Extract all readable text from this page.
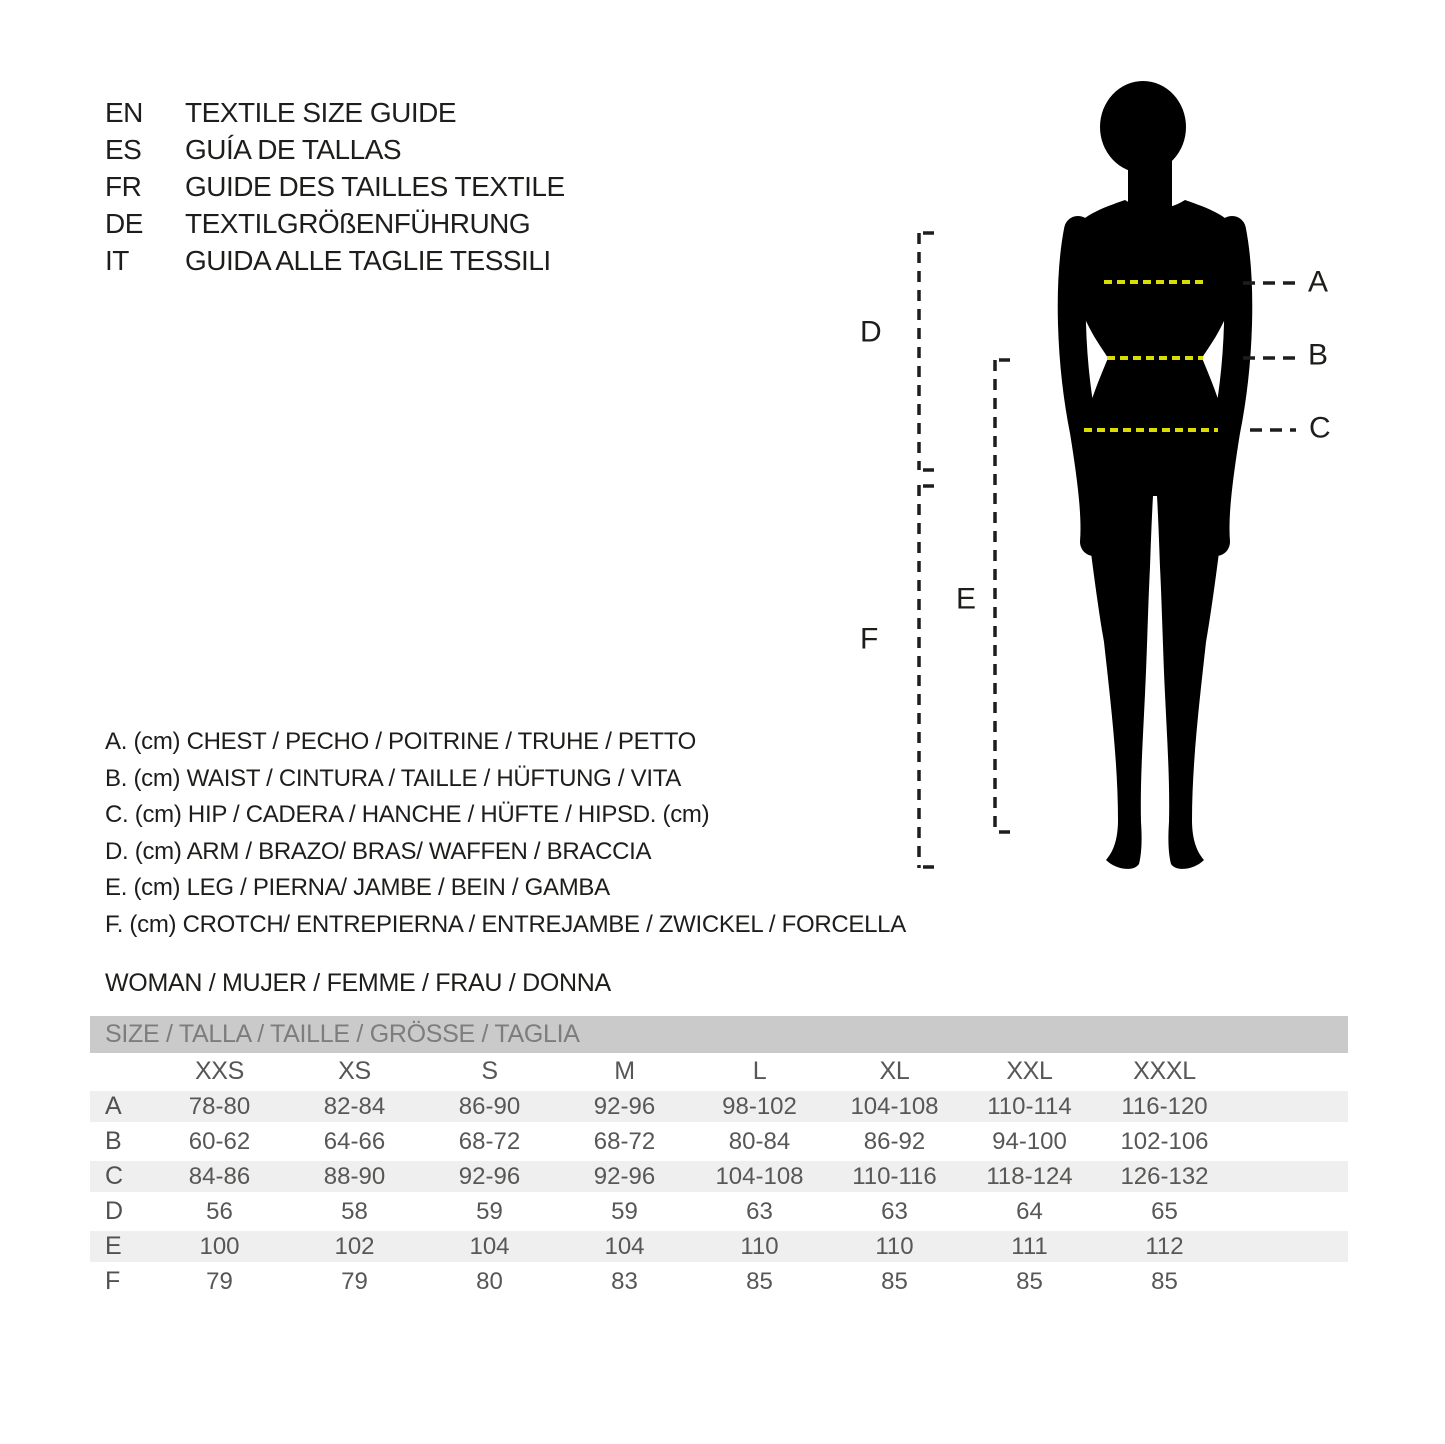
EN	TEXTILE SIZE GUIDE
ES	GUÍA DE TALLAS
FR	GUIDE DES TAILLES TEXTILE
DE	TEXTILGRÖßENFÜHRUNG
IT	GUIDA ALLE TAGLIE TESSILI
A
B
C
D
E
F
A. (cm) CHEST / PECHO / POITRINE / TRUHE / PETTO
B. (cm) WAIST / CINTURA / TAILLE / HÜFTUNG / VITA
C. (cm) HIP / CADERA / HANCHE / HÜFTE / HIPSD. (cm)
D. (cm) ARM / BRAZO/ BRAS/ WAFFEN / BRACCIA
E. (cm) LEG / PIERNA/ JAMBE / BEIN / GAMBA
F. (cm) CROTCH/ ENTREPIERNA / ENTREJAMBE / ZWICKEL / FORCELLA
WOMAN / MUJER / FEMME / FRAU / DONNA
SIZE / TALLA / TAILLE / GRÖSSE / TAGLIA
	XXS	XS	S	M	L	XL	XXL	XXXL	
A	78-80	82-84	86-90	92-96	98-102	104-108	110-114	116-120	
B	60-62	64-66	68-72	68-72	80-84	86-92	94-100	102-106	
C	84-86	88-90	92-96	92-96	104-108	110-116	118-124	126-132	
D	56	58	59	59	63	63	64	65	
E	100	102	104	104	110	110	111	112	
F	79	79	80	83	85	85	85	85	
